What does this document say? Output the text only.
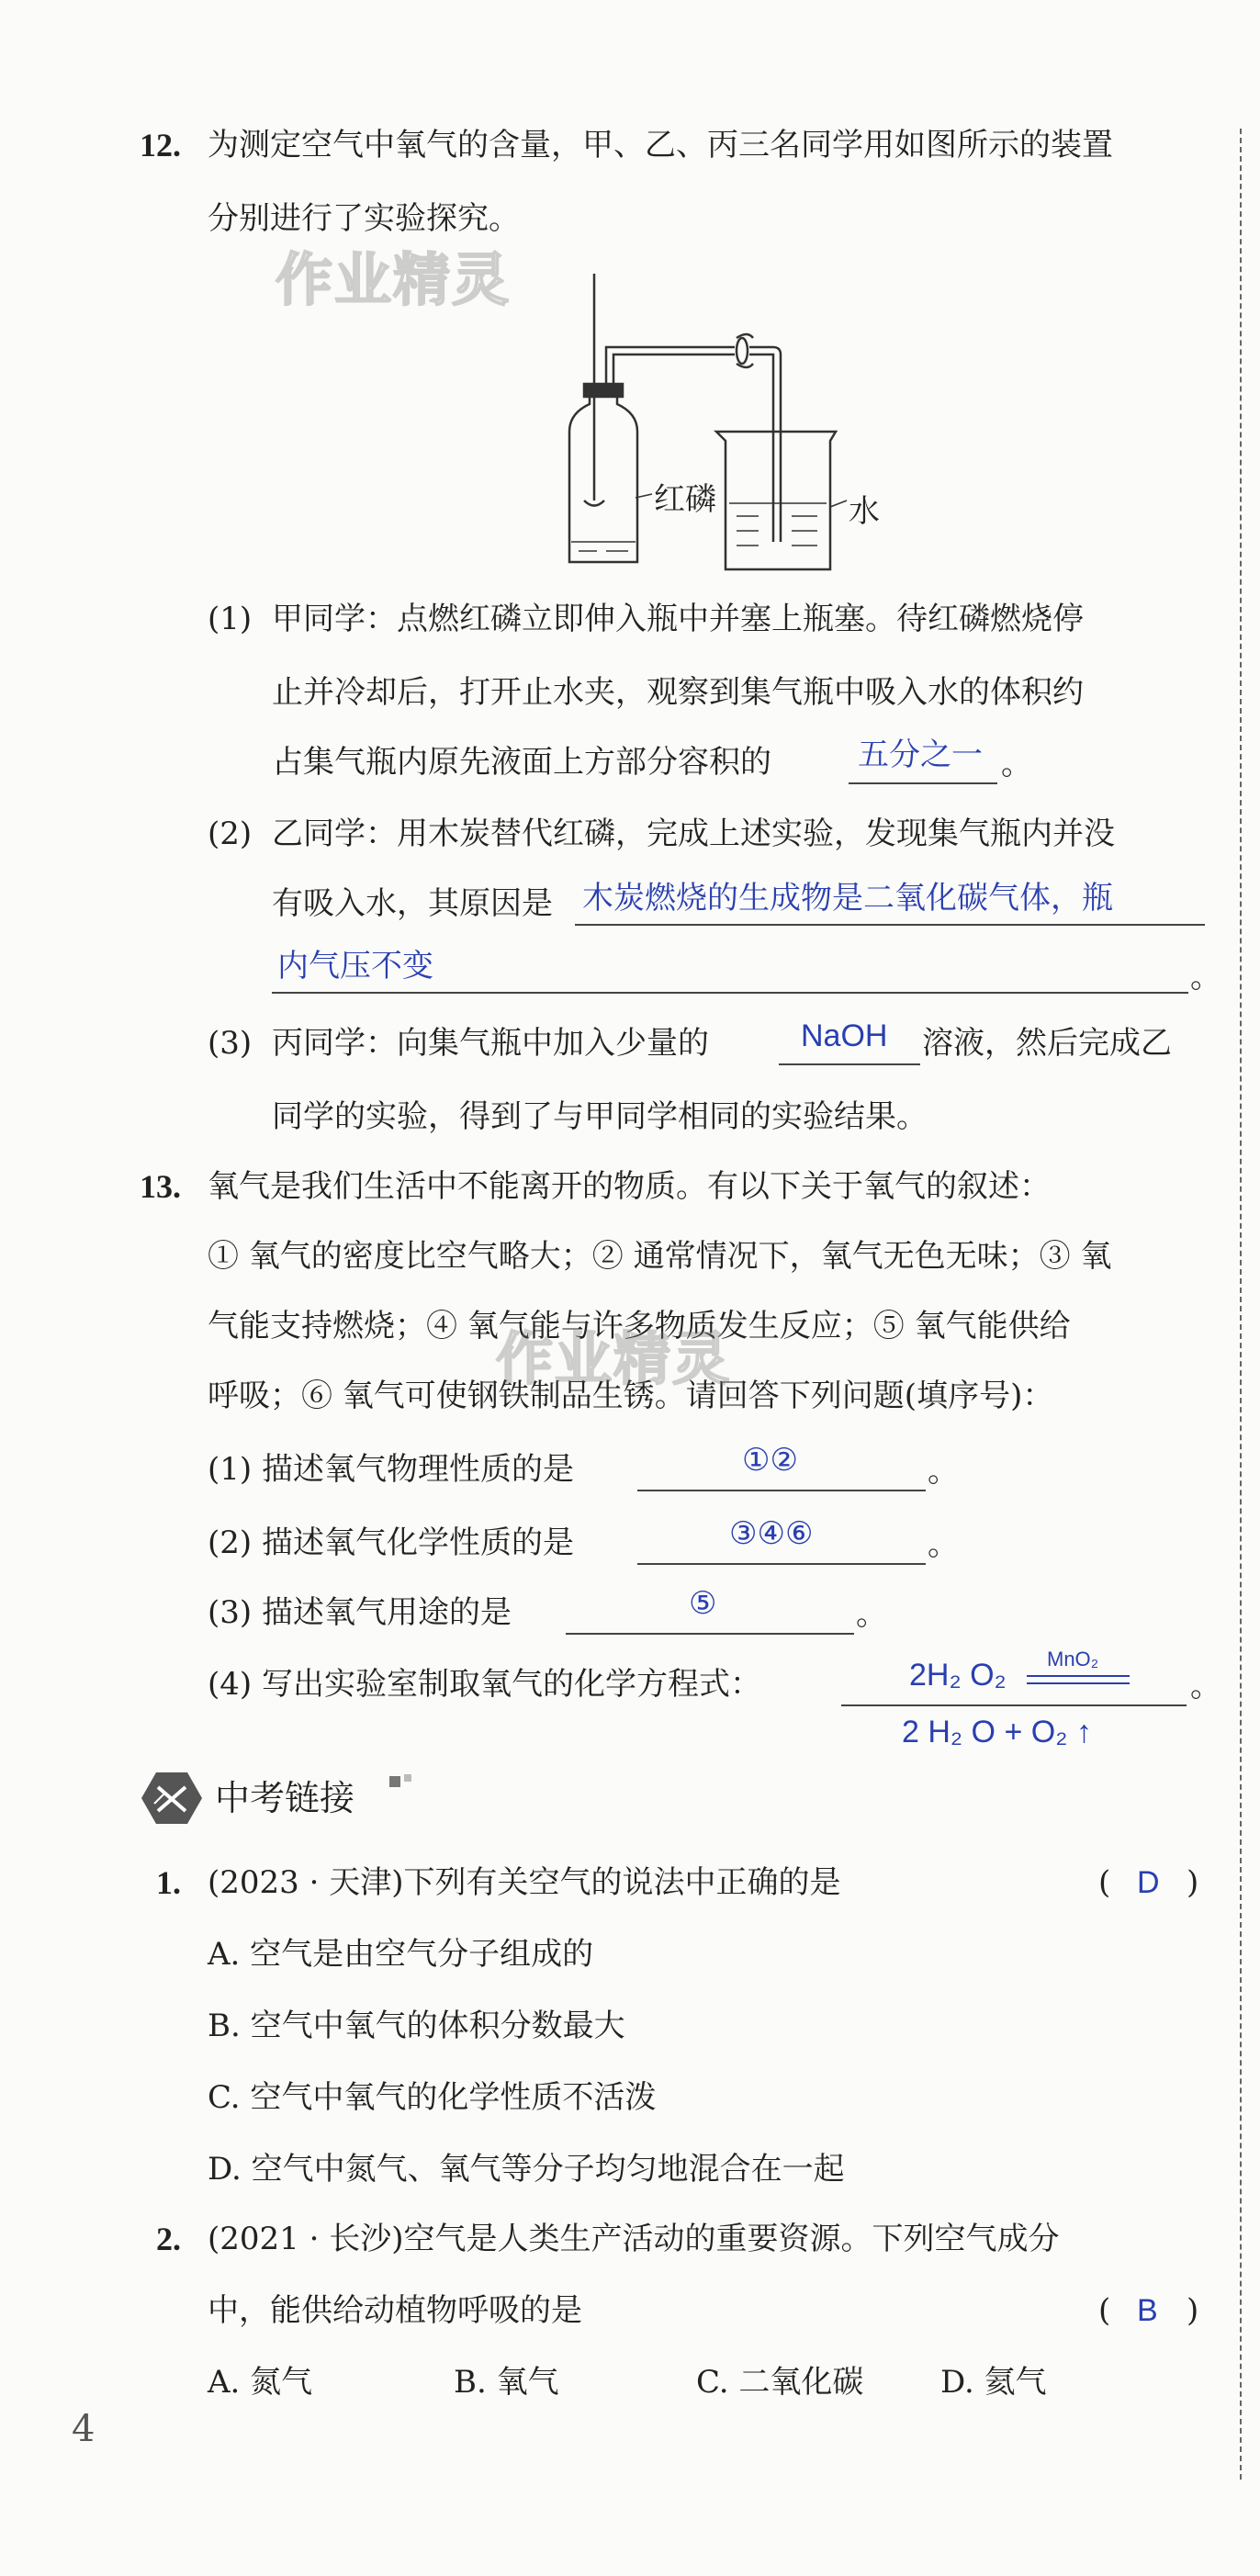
12. 为测定空气中氧气的含量，甲、乙、丙三名同学用如图所示的装置
分别进行了实验探究。
作业精灵
红磷	水
(1) 甲同学：点燃红磷立即伸入瓶中并塞上瓶塞。待红磷燃烧停
止并冷却后，打开止水夹，观察到集气瓶中吸入水的体积约
占集气瓶内原先液面上方部分容积的	五分之一 。
(2) 乙同学：用木炭替代红磷，完成上述实验，发现集气瓶内并没
有吸入水，其原因是 木炭燃烧的生成物是二氧化碳气体，瓶
内气压不变	。
(3) 丙同学：向集气瓶中加入少量的	NaOH 溶液，然后完成乙
同学的实验，得到了与甲同学相同的实验结果。
13. 氧气是我们生活中不能离开的物质。有以下关于氧气的叙述：
① 氧气的密度比空气略大；② 通常情况下，氧气无色无味；③ 氧
气能支持燃烧；④ 氧气能与许多物质发生反应；⑤ 氧气能供给
呼吸；⑥ 氧气可使钢铁制品生锈。请回答下列问题(填序号)：
作业精灵
(1) 描述氧气物理性质的是	①②	。
(2) 描述氧气化学性质的是	③④⑥	。
(3) 描述氧气用途的是	⑤	。
(4) 写出实验室制取氧气的化学方程式：	2H₂ O₂ MnO₂
2 H₂ O + O₂ ↑
。
中考链接
1. (2023 · 天津)下列有关空气的说法中正确的是	( D )
A. 空气是由空气分子组成的
B. 空气中氧气的体积分数最大
C. 空气中氧气的化学性质不活泼
D. 空气中氮气、氧气等分子均匀地混合在一起
2. (2021 · 长沙)空气是人类生产活动的重要资源。下列空气成分
中，能供给动植物呼吸的是	( B )
A. 氮气	B. 氧气	C. 二氧化碳 D. 氦气
4
